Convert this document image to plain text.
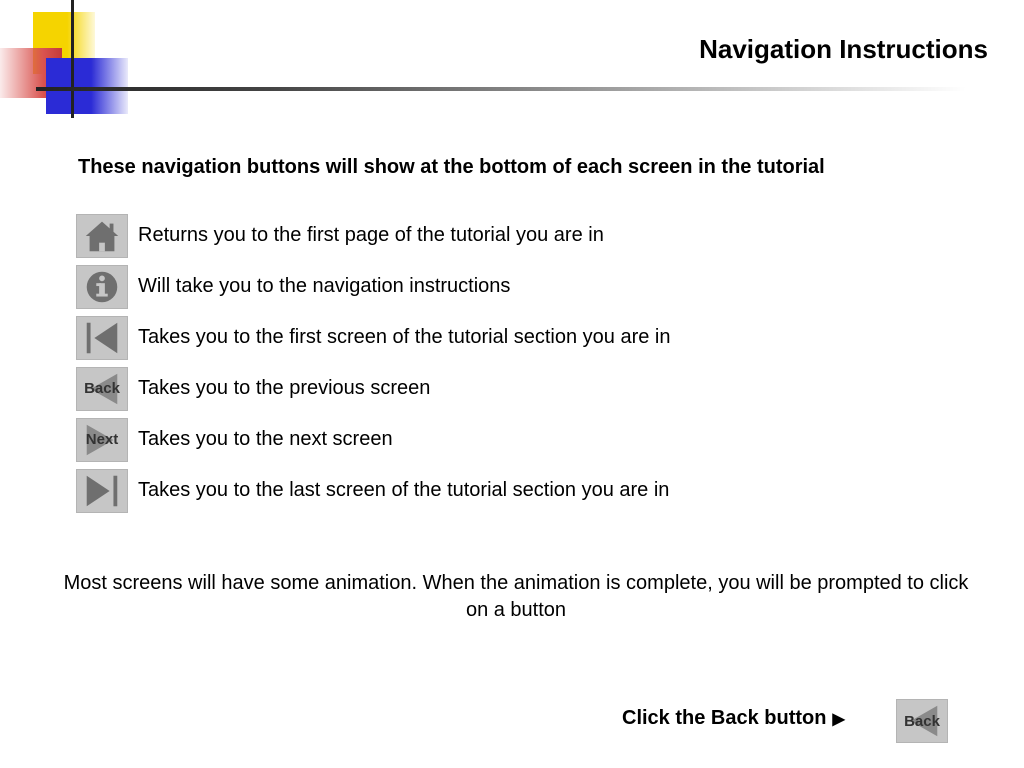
Navigation Instructions
These navigation buttons will show at the bottom of each screen in the tutorial
Returns you to the first page of the tutorial you are in
Will take you to the navigation instructions
Takes you to the first screen of the tutorial section you are in
Back Takes you to the previous screen
Next Takes you to the next screen
Takes you to the last screen of the tutorial section you are in
Most screens will have some animation. When the animation is complete, you will be prompted to click on a button
Click the Back button ▶	Back
